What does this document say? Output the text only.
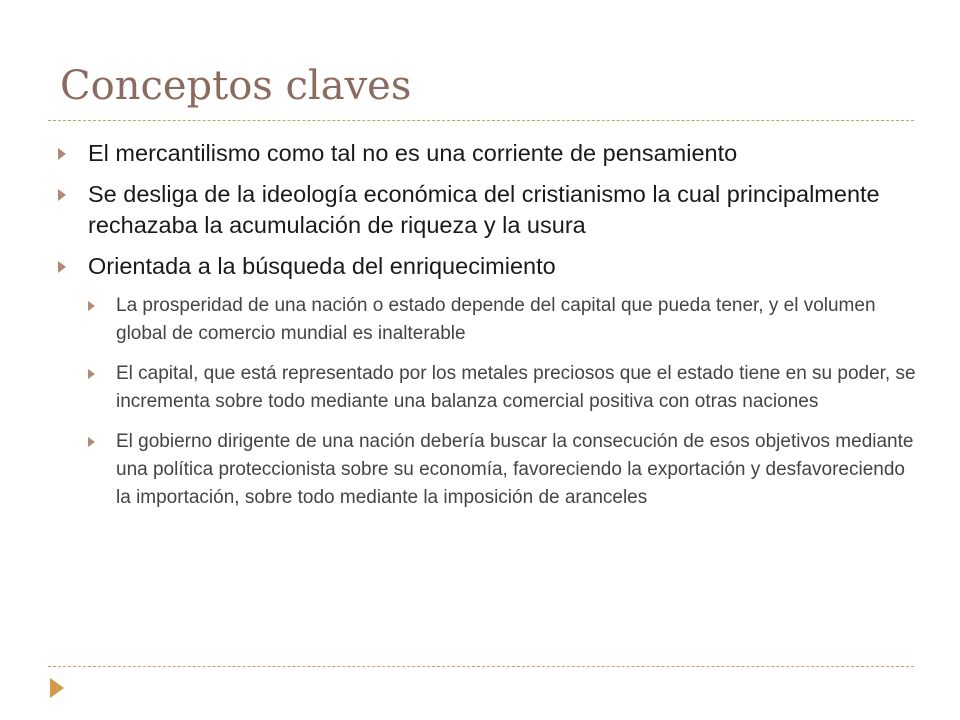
Conceptos claves
El mercantilismo como tal no es una corriente de pensamiento
Se desliga de la ideología económica del cristianismo la cual principalmente rechazaba la acumulación de riqueza y la usura
Orientada a la búsqueda del enriquecimiento
La prosperidad de una nación o estado depende del capital que pueda tener, y el volumen global de comercio mundial es inalterable
El capital, que está representado por los metales preciosos que el estado tiene en su poder, se incrementa sobre todo mediante una balanza comercial positiva con otras naciones
El gobierno dirigente de una nación debería buscar la consecución de esos objetivos mediante una política proteccionista sobre su economía, favoreciendo la exportación y desfavoreciendo la importación, sobre todo mediante la imposición de aranceles
